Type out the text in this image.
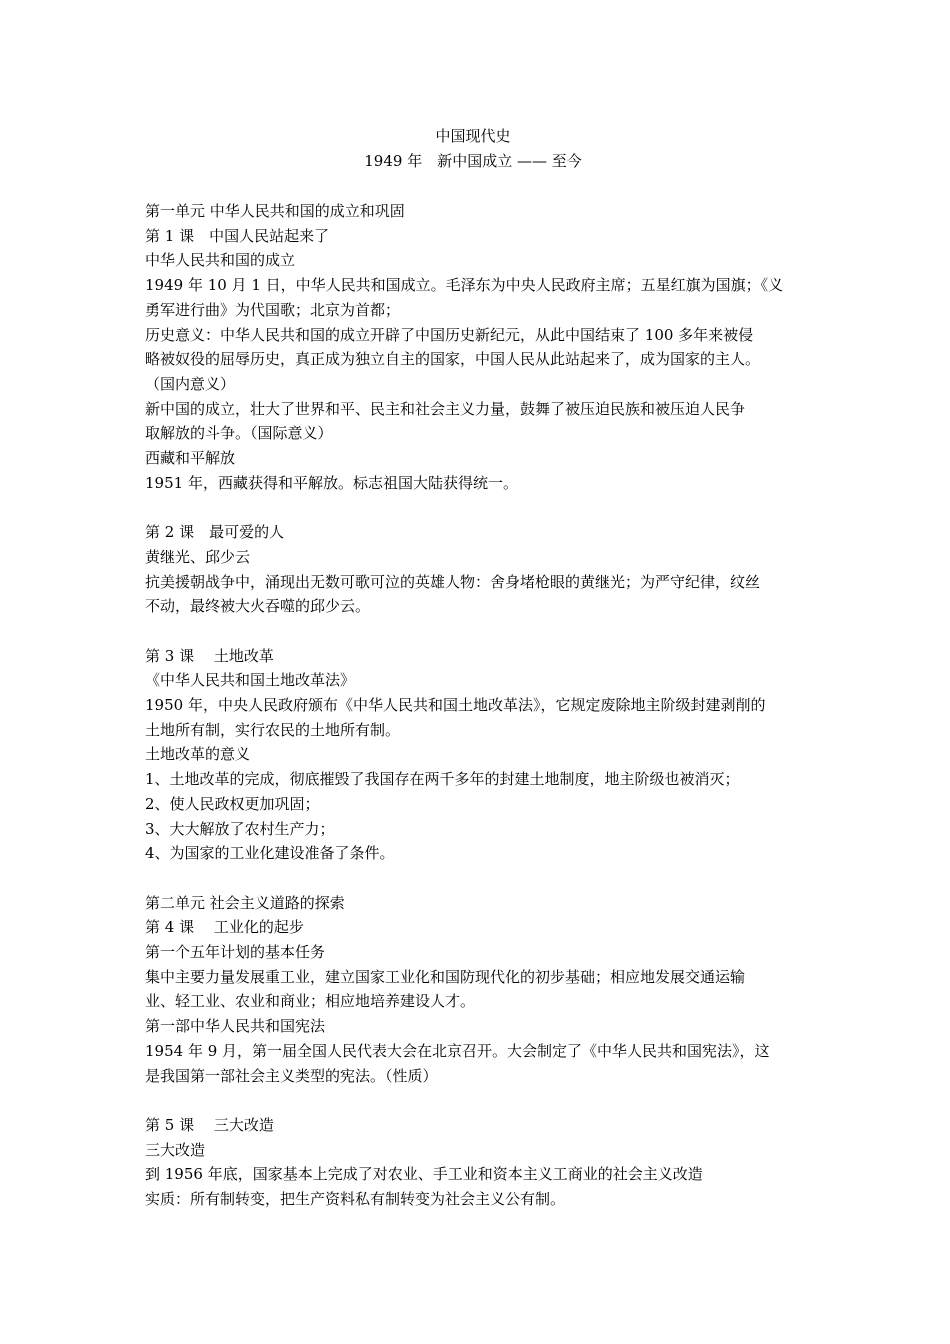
中国现代史
1949 年　新中国成立 —— 至今
第一单元 中华人民共和国的成立和巩固
第 1 课　中国人民站起来了
中华人民共和国的成立
1949 年 10 月 1 日，中华人民共和国成立。毛泽东为中央人民政府主席；五星红旗为国旗；《义
勇军进行曲》为代国歌；北京为首都；
历史意义：中华人民共和国的成立开辟了中国历史新纪元，从此中国结束了 100 多年来被侵
略被奴役的屈辱历史，真正成为独立自主的国家，中国人民从此站起来了，成为国家的主人。
（国内意义）
新中国的成立，壮大了世界和平、民主和社会主义力量，鼓舞了被压迫民族和被压迫人民争
取解放的斗争。（国际意义）
西藏和平解放
1951 年，西藏获得和平解放。标志祖国大陆获得统一。
第 2 课　最可爱的人
黄继光、邱少云
抗美援朝战争中，涌现出无数可歌可泣的英雄人物：舍身堵枪眼的黄继光；为严守纪律，纹丝
不动，最终被大火吞噬的邱少云。
第 3 课　 土地改革
《中华人民共和国土地改革法》
1950 年，中央人民政府颁布《中华人民共和国土地改革法》，它规定废除地主阶级封建剥削的
土地所有制，实行农民的土地所有制。
土地改革的意义
1、土地改革的完成，彻底摧毁了我国存在两千多年的封建土地制度，地主阶级也被消灭；
2、使人民政权更加巩固；
3、大大解放了农村生产力；
4、为国家的工业化建设准备了条件。
第二单元 社会主义道路的探索
第 4 课　 工业化的起步
第一个五年计划的基本任务
集中主要力量发展重工业，建立国家工业化和国防现代化的初步基础；相应地发展交通运输
业、轻工业、农业和商业；相应地培养建设人才。
第一部中华人民共和国宪法
1954 年 9 月，第一届全国人民代表大会在北京召开。大会制定了《中华人民共和国宪法》，这
是我国第一部社会主义类型的宪法。（性质）
第 5 课　 三大改造
三大改造
到 1956 年底，国家基本上完成了对农业、手工业和资本主义工商业的社会主义改造
实质：所有制转变，把生产资料私有制转变为社会主义公有制。
